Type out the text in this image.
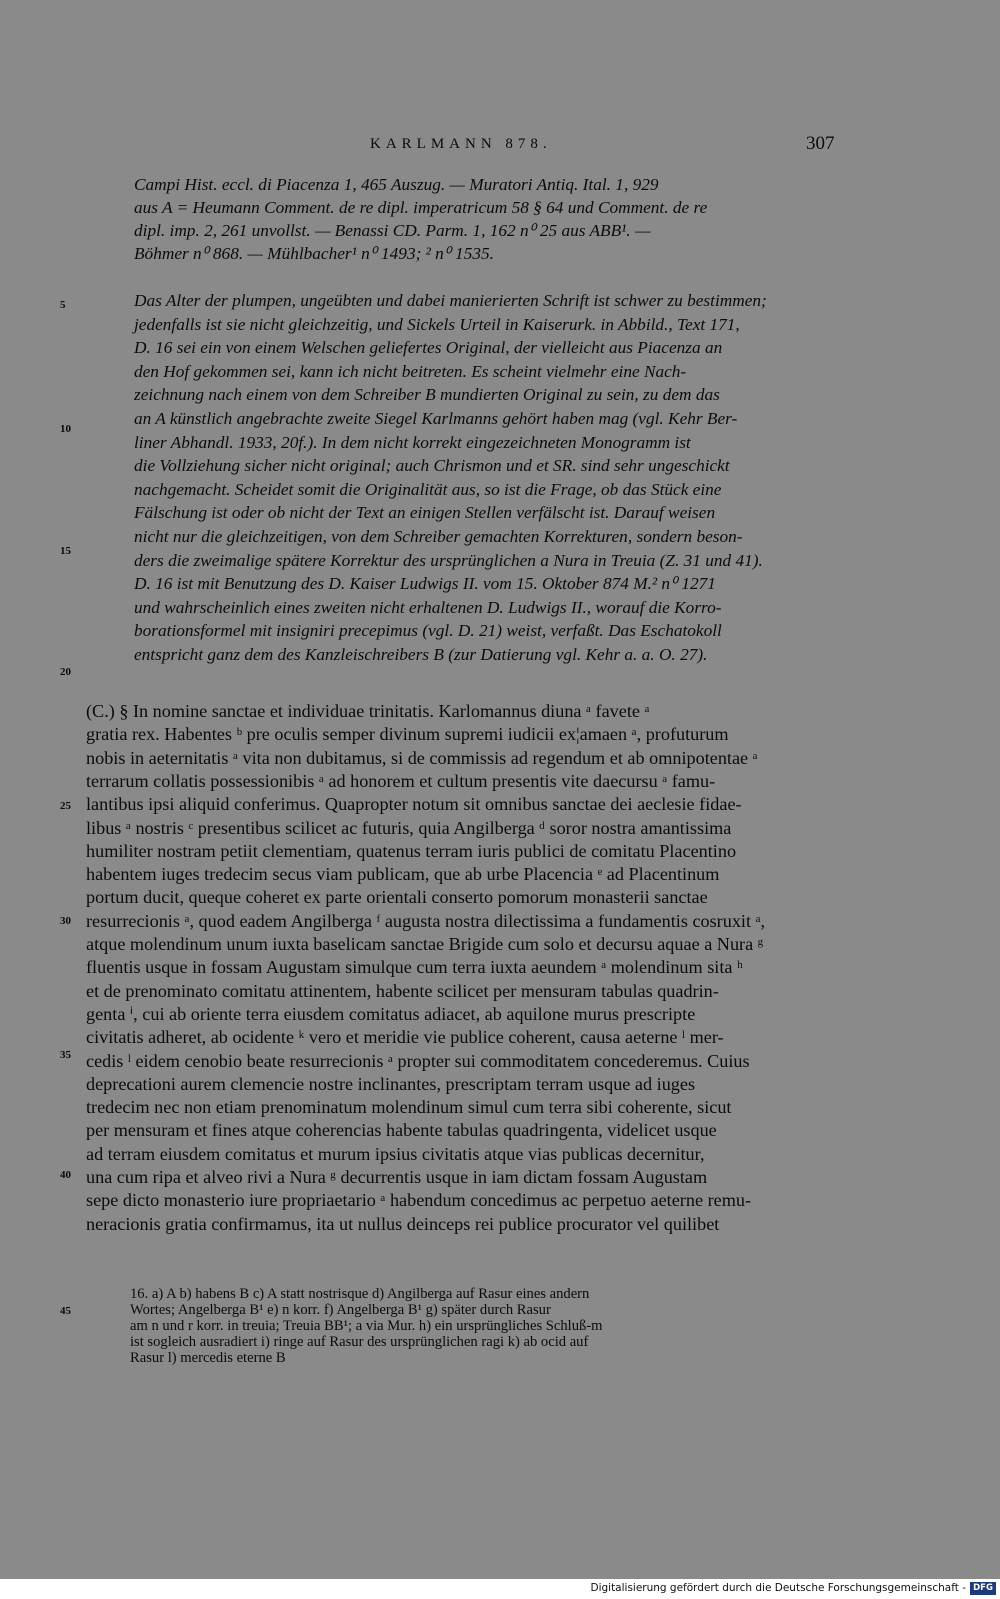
KARLMANN 878.	307
Campi Hist. eccl. di Piacenza 1, 465 Auszug. — Muratori Antiq. Ital. 1, 929
aus A = Heumann Comment. de re dipl. imperatricum 58 § 64 und Comment. de re
dipl. imp. 2, 261 unvollst. — Benassi CD. Parm. 1, 162 n⁰ 25 aus ABB¹. —
Böhmer n⁰ 868. — Mühlbacher¹ n⁰ 1493; ² n⁰ 1535.
Das Alter der plumpen, ungeübten und dabei manierierten Schrift ist schwer zu bestimmen;
jedenfalls ist sie nicht gleichzeitig, und Sickels Urteil in Kaiserurk. in Abbild., Text 171,
D. 16 sei ein von einem Welschen geliefertes Original, der vielleicht aus Piacenza an
den Hof gekommen sei, kann ich nicht beitreten. Es scheint vielmehr eine Nach-
zeichnung nach einem von dem Schreiber B mundierten Original zu sein, zu dem das
an A künstlich angebrachte zweite Siegel Karlmanns gehört haben mag (vgl. Kehr Ber-
liner Abhandl. 1933, 20f.). In dem nicht korrekt eingezeichneten Monogramm ist
die Vollziehung sicher nicht original; auch Chrismon und et SR. sind sehr ungeschickt
nachgemacht. Scheidet somit die Originalität aus, so ist die Frage, ob das Stück eine
Fälschung ist oder ob nicht der Text an einigen Stellen verfälscht ist. Darauf weisen
nicht nur die gleichzeitigen, von dem Schreiber gemachten Korrekturen, sondern beson-
ders die zweimalige spätere Korrektur des ursprünglichen a Nura in Treuia (Z. 31 und 41).
D. 16 ist mit Benutzung des D. Kaiser Ludwigs II. vom 15. Oktober 874 M.² n⁰ 1271
und wahrscheinlich eines zweiten nicht erhaltenen D. Ludwigs II., worauf die Korro-
borationsformel mit insigniri precepimus (vgl. D. 21) weist, verfaßt. Das Eschatokoll
entspricht ganz dem des Kanzleischreibers B (zur Datierung vgl. Kehr a. a. O. 27).
(C.) § In nomine sanctae et individuae trinitatis. Karlomannus diuna ᵃ favete ᵃ
gratia rex. Habentes ᵇ pre oculis semper divinum supremi iudicii ex¦amaen ᵃ, profuturum
nobis in aeternitatis ᵃ vita non dubitamus, si de commissis ad regendum et ab omnipotentae ᵃ
terrarum collatis possessionibis ᵃ ad honorem et cultum presentis vite daecursu ᵃ famu-
lantibus ipsi aliquid conferimus. Quapropter notum sit omnibus sanctae dei aeclesie fidae-
libus ᵃ nostris ᶜ presentibus scilicet ac futuris, quia Angilberga ᵈ soror nostra amantissima
humiliter nostram petiit clementiam, quatenus terram iuris publici de comitatu Placentino
habentem iuges tredecim secus viam publicam, que ab urbe Placencia ᵉ ad Placentinum
portum ducit, queque coheret ex parte orientali conserto pomorum monasterii sanctae
resurrecionis ᵃ, quod eadem Angilberga ᶠ augusta nostra dilectissima a fundamentis cosruxit ᵃ,
atque molendinum unum iuxta baselicam sanctae Brigide cum solo et decursu aquae a Nura ᵍ
fluentis usque in fossam Augustam simulque cum terra iuxta aeundem ᵃ molendinum sita ʰ
et de prenominato comitatu attinentem, habente scilicet per mensuram tabulas quadrin-
genta ⁱ, cui ab oriente terra eiusdem comitatus adiacet, ab aquilone murus prescripte
civitatis adheret, ab ocidente ᵏ vero et meridie vie publice coherent, causa aeterne ˡ mer-
cedis ˡ eidem cenobio beate resurrecionis ᵃ propter sui commoditatem concederemus. Cuius
deprecationi aurem clemencie nostre inclinantes, prescriptam terram usque ad iuges
tredecim nec non etiam prenominatum molendinum simul cum terra sibi coherente, sicut
per mensuram et fines atque coherencias habente tabulas quadringenta, videlicet usque
ad terram eiusdem comitatus et murum ipsius civitatis atque vias publicas decernitur,
una cum ripa et alveo rivi a Nura ᵍ decurrentis usque in iam dictam fossam Augustam
sepe dicto monasterio iure propriaetario ᵃ habendum concedimus ac perpetuo aeterne remu-
neracionis gratia confirmamus, ita ut nullus deinceps rei publice procurator vel quilibet
16. a) A b) habens B c) A statt nostrisque d) Angilberga auf Rasur eines andern
Wortes; Angelberga B¹ e) n korr. f) Angelberga B¹ g) später durch Rasur
am n und r korr. in treuia; Treuia BB¹; a via Mur. h) ein ursprüngliches Schluß-m
ist sogleich ausradiert i) ringe auf Rasur des ursprünglichen ragi k) ab ocid auf
Rasur l) mercedis eterne B
5
10
15
20
25
30
35
40
45
Digitalisierung gefördert durch die Deutsche Forschungsgemeinschaft - DFG
